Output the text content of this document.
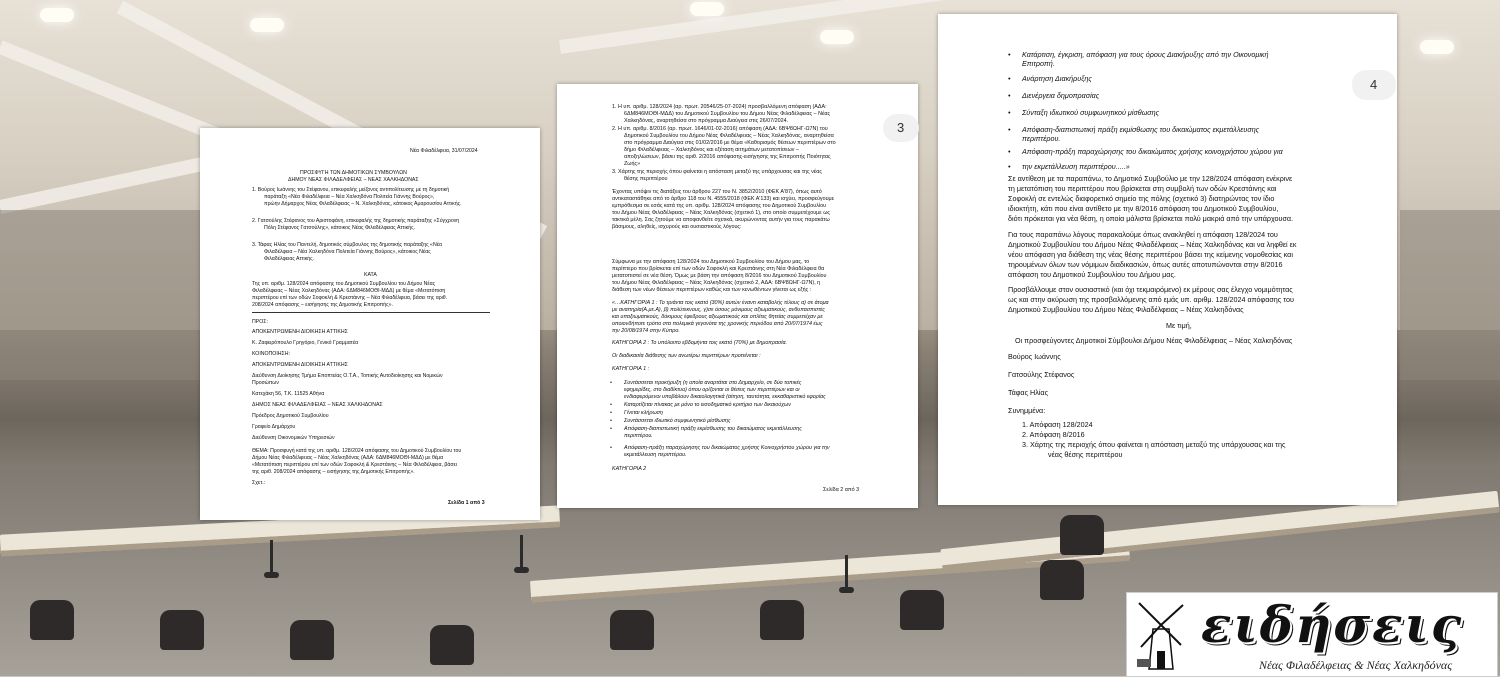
Νέα Φιλαδέλφεια, 31/07/2024
ΠΡΟΣΦΥΓΗ ΤΩΝ ΔΗΜΟΤΙΚΩΝ ΣΥΜΒΟΥΛΩΝ
ΔΗΜΟΥ ΝΕΑΣ ΦΙΛΑΔΕΛΦΕΙΑΣ – ΝΕΑΣ ΧΑΛΚΗΔΟΝΑΣ
1. Βούρος Ιωάννης του Στέφανου, επικεφαλής μείζονος αντιπολίτευσης με τη δημοτική
παράταξη «Νέα Φιλαδέλφεια – Νέα Χαλκηδόνα Πολιτεία Γιάννης Βούρος»,
πρώην Δήμαρχος Νέας Φιλαδέλφειας – Ν. Χαλκηδόνας, κάτοικος Αμαρουσίου Αττικής.
2. Γατσούλης Στέφανος του Αριστοφάνη, επικεφαλής της δημοτικής παράταξης «Σύγχρονη
Πόλη Στέφανος Γατσούλης», κάτοικος Νέας Φιλαδέλφειας Αττικής.
3. Τάφας Ηλίας του Παντελή, δημοτικός σύμβουλος της δημοτικής παράταξης «Νέα
Φιλαδέλφεια – Νέα Χαλκηδόνα Πολιτεία Γιάννης Βούρος», κάτοικος Νέας
Φιλαδέλφειας Αττικής.
ΚΑΤΑ
Της υπ. αριθμ. 128/2024 απόφασης του Δημοτικού Συμβουλίου του Δήμου Νέας
Φιλαδέλφειας – Νέας Χαλκηδόνας (ΑΔΑ: 6ΔΜ846ΜΟΘΙ-ΜΔΔ) με θέμα «Μετατόπιση
περιπτέρου επί των οδών Σοφοκλή & Κρεστάινης – Νέα Φιλαδέλφεια, βάσει της αριθ.
208/2024 απόφασης – εισήγησης της Δημοτικής Επιτροπής».
ΠΡΟΣ:
ΑΠΟΚΕΝΤΡΩΜΕΝΗ ΔΙΟΙΚΗΣΗ ΑΤΤΙΚΗΣ
Κ. Ζαφειρόπουλο Γρηγόριο, Γενικό Γραμματέα
ΚΟΙΝΟΠΟΙΗΣΗ:
ΑΠΟΚΕΝΤΡΩΜΕΝΗ ΔΙΟΙΚΗΣΗ ΑΤΤΙΚΗΣ
Διεύθυνση Διοίκησης Τμήμα Εποπτείας Ο.Τ.Α., Τοπικής Αυτοδιοίκησης και Νομικών
Προσώπων
Κατεχάκη 56, Τ.Κ. 11525 Αθήνα
ΔΗΜΟΣ ΝΕΑΣ ΦΙΛΑΔΕΛΦΕΙΑΣ – ΝΕΑΣ ΧΑΛΚΗΔΟΝΑΣ
Πρόεδρος Δημοτικού Συμβουλίου
Γραφείο Δημάρχου
Διεύθυνση Οικονομικών Υπηρεσιών
ΘΕΜΑ: Προσφυγή κατά της υπ. αριθμ. 128/2024 απόφασης του Δημοτικού Συμβουλίου του
Δήμου Νέας Φιλαδέλφειας – Νέας Χαλκηδόνας (ΑΔΑ: 6ΔΜ846ΜΟΘΙ-ΜΔΔ) με θέμα
«Μετατόπιση περιπτέρου επί των οδών Σοφοκλή & Κρεστάινης – Νέα Φιλαδέλφεια, βάσει
της αριθ. 208/2024 απόφασης – εισήγησης της Δημοτικής Επιτροπής».
Σχετ.:
Σελίδα 1 από 3
3
1. Η υπ. αριθμ. 128/2024 (αρ. πρωτ. 20546/25-07-2024) προσβαλλόμενη απόφαση (ΑΔΑ:
6ΔΜ846ΜΟΘΙ-ΜΔΔ) του Δημοτικού Συμβουλίου του Δήμου Νέας Φιλαδέλφειας – Νέας
Χαλκηδόνας, αναρτηθείσα στο πρόγραμμα Διαύγεια στις 26/07/2024.
2. Η υπ. αριθμ. 8/2016 (αρ. πρωτ. 1646/01-02-2016) απόφαση (ΑΔΑ: 6ΒΨ8ΩΗΓ-Ω7Ν) του
Δημοτικού Συμβουλίου του Δήμου Νέας Φιλαδέλφειας – Νέας Χαλκηδόνας, αναρτηθείσα
στο πρόγραμμα Διαύγεια στις 01/02/2016 με θέμα «Καθορισμός θέσεων περιπτέρων στο
δήμο Φιλαδέλφειας – Χαλκηδόνος και εξέταση αιτημάτων μετατοπίσεων –
αποξηλώσεων, βάσει της αριθ. 2/2016 απόφασης-εισήγησης της Επιτροπής Ποιότητας
Ζωής»
3. Χάρτης της περιοχής όπου φαίνεται η απόσταση μεταξύ της υπάρχουσας και της νέας
θέσης περιπτέρου
Έχοντας υπόψιν τις διατάξεις του άρθρου 227 του Ν. 3852/2010 (ΦΕΚ Α'87), όπως αυτό
αντικαταστάθηκε από το άρθρο 118 του Ν. 4555/2018 (ΦΕΚ Α'133) και ισχύει, προσφεύγουμε
εμπρόθεσμα σε εσάς κατά της υπ. αριθμ. 128/2024 απόφασης του Δημοτικού Συμβουλίου
του Δήμου Νέας Φιλαδέλφειας – Νέας Χαλκηδόνας (σχετικό 1), στο οποίο συμμετέχουμε ως
τακτικά μέλη. Σας ζητούμε να αποφανθείτε σχετικά, ακυρώνοντας αυτήν για τους παρακάτω
βάσιμους, αληθείς, ισχυρούς και ουσιαστικούς λόγους:
Σύμφωνα με την απόφαση 128/2024 του Δημοτικού Συμβουλίου του Δήμου μας, το
περίπτερο που βρίσκεται επί των οδών Σοφοκλή και Κρεστάινης στη Νέα Φιλαδέλφεια θα
μετατοπιστεί σε νέα θέση. Όμως με βάση την απόφαση 8/2016 του Δημοτικού Συμβουλίου
του Δήμου Νέας Φιλαδέλφειας – Νέας Χαλκηδόνας (σχετικό 2, ΑΔΑ: 6ΒΨ8ΩΗΓ-Ω7Ν), η
διάθεση των νέων θέσεων περιπτέρων καθώς και των κενωθέντων γίνεται ως εξής :
«…ΚΑΤΗΓΟΡΙΑ 1 : Το τριάντα τοις εκατό (30%) αυτών έναντι καταβολής τέλους α) σε άτομα
με αναπηρία(Α.με.Α), β) πολύτεκνους, γ)σε όσους μόνιμους αξιωματικούς, ανθυπασπιστές
και υπαξιωματικούς, δόκιμους έφεδρους αξιωματικούς και οπλίτες θητείας συμμετείχαν με
οποιονδήποτε τρόπο στα πολεμικά γεγονότα της χρονικής περιόδου από 20/07/1974 έως
την 20/08/1974 στην Κύπρο.
ΚΑΤΗΓΟΡΙΑ 2 : Το υπόλοιπο εβδομήντα τοις εκατό (70%) με δημοπρασία.
Οι διαδικασία διάθεσης των ανωτέρω περιπτέρων προτείνεται :
ΚΑΤΗΓΟΡΙΑ 1 :
• Συντάσσεται προκήρυξη (η οποία αναρτάται στο Δημαρχείο, σε δύο τοπικές
εφημερίδες, στο διαδίκτυο) όπου ορίζονται οι θέσεις των περιπτέρων και οι
ενδιαφερόμενοι υποβάλουν δικαιολογητικά (αίτηση, ταυτότητα, εκκαθαριστικό εφορίας
• Καταρτίζεται πίνακας με μόνο το εισοδηματικό κριτήριο των δικαιούχων
• Γίνεται κλήρωση
• Συντάσσεται ιδιωτικό συμφωνητικό μίσθωσης
• Απόφαση-διαπιστωτική πράξη εκμίσθωσης του δικαιώματος εκμετάλλευσης
περιπτέρου.
• Απόφαση-πράξη παραχώρησης του δικαιώματος χρήσης Κοινοχρήστου χώρου για την
εκμετάλλευση περιπτέρου.
ΚΑΤΗΓΟΡΙΑ 2
Σελίδα 2 από 3
4
• Κατάρτιση, έγκριση, απόφαση για τους όρους Διακήρυξης από την Οικονομική
Επιτροπή.
• Ανάρτηση Διακήρυξης
• Διενέργεια δημοπρασίας
• Σύνταξη ιδιωτικού συμφωνητικού μίσθωσης
• Απόφαση-διαπιστωτική πράξη εκμίσθωσης του δικαιώματος εκμετάλλευσης
περιπτέρου.
• Απόφαση-πράξη παραχώρησης του δικαιώματος χρήσης κοινοχρήστου χώρου για
• την εκμετάλλευση περιπτέρου.....»
Σε αντίθεση με τα παραπάνω, το Δημοτικό Συμβούλιο με την 128/2024 απόφαση ενέκρινε
τη μετατόπιση του περιπτέρου που βρίσκεται στη συμβολή των οδών Κρεστάινης και
Σοφοκλή σε εντελώς διαφορετικό σημείο της πόλης (σχετικό 3) διατηρώντας τον ίδιο
ιδιοκτήτη, κάτι που είναι αντίθετο με την 8/2016 απόφαση του Δημοτικού Συμβουλίου,
διότι πρόκειται για νέα θέση, η οποία μάλιστα βρίσκεται πολύ μακριά από την υπάρχουσα.
Για τους παραπάνω λόγους παρακαλούμε όπως ανακληθεί η απόφαση 128/2024 του
Δημοτικού Συμβουλίου του Δήμου Νέας Φιλαδέλφειας – Νέας Χαλκηδόνας και να ληφθεί εκ
νέου απόφαση για διάθεση της νέας θέσης περιπτέρου βάσει της κείμενης νομοθεσίας και
τηρουμένων όλων των νόμιμων διαδικασιών, όπως αυτές αποτυπώνονται στην 8/2016
απόφαση του Δημοτικού Συμβουλίου του Δήμου μας.
Προσβάλλουμε στον ουσιαστικό (και όχι τεκμαιρόμενο) εκ μέρους σας έλεγχο νομιμότητας
ως και στην ακύρωση της προσβαλλόμενης από εμάς υπ. αριθμ. 128/2024 απόφασης του
Δημοτικού Συμβουλίου του Δήμου Νέας Φιλαδέλφειας – Νέας Χαλκηδόνας
Με τιμή,
Οι προσφεύγοντες Δημοτικοί Σύμβουλοι Δήμου Νέας Φιλαδέλφειας – Νέας Χαλκηδόνας
Βούρος Ιωάννης
Γατσούλης Στέφανος
Τάφας Ηλίας
Συνημμένα:
1. Απόφαση 128/2024
2. Απόφαση 8/2016
3. Χάρτης της περιοχής όπου φαίνεται η απόσταση μεταξύ της υπάρχουσας και της
νέας θέσης περιπτέρου
ειδήσεις
Νέας Φιλαδέλφειας & Νέας Χαλκηδόνας
